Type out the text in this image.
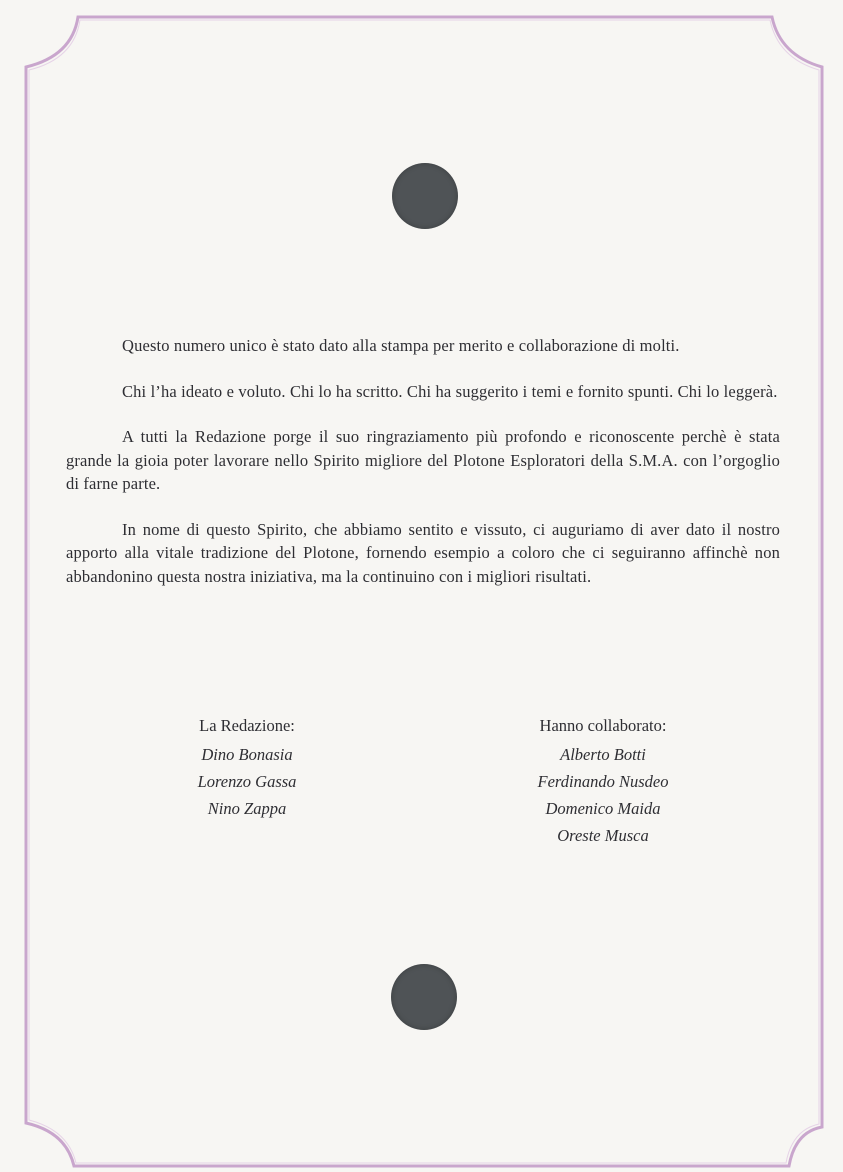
Questo numero unico è stato dato alla stampa per merito e collaborazione di molti.

Chi l’ha ideato e voluto. Chi lo ha scritto. Chi ha suggerito i temi e fornito spunti. Chi lo leggerà.

A tutti la Redazione porge il suo ringraziamento più profondo e riconoscente perchè è stata grande la gioia poter lavorare nello Spirito migliore del Plotone Esploratori della S.M.A. con l’orgoglio di farne parte.

In nome di questo Spirito, che abbiamo sentito e vissuto, ci auguriamo di aver dato il nostro apporto alla vitale tradizione del Plotone, fornendo esempio a coloro che ci seguiranno affinchè non abbandonino questa nostra iniziativa, ma la continuino con i migliori risultati.

La Redazione:
Dino Bonasia
Lorenzo Gassa
Nino Zappa
Hanno collaborato:
Alberto Botti
Ferdinando Nusdeo
Domenico Maida
Oreste Musca
